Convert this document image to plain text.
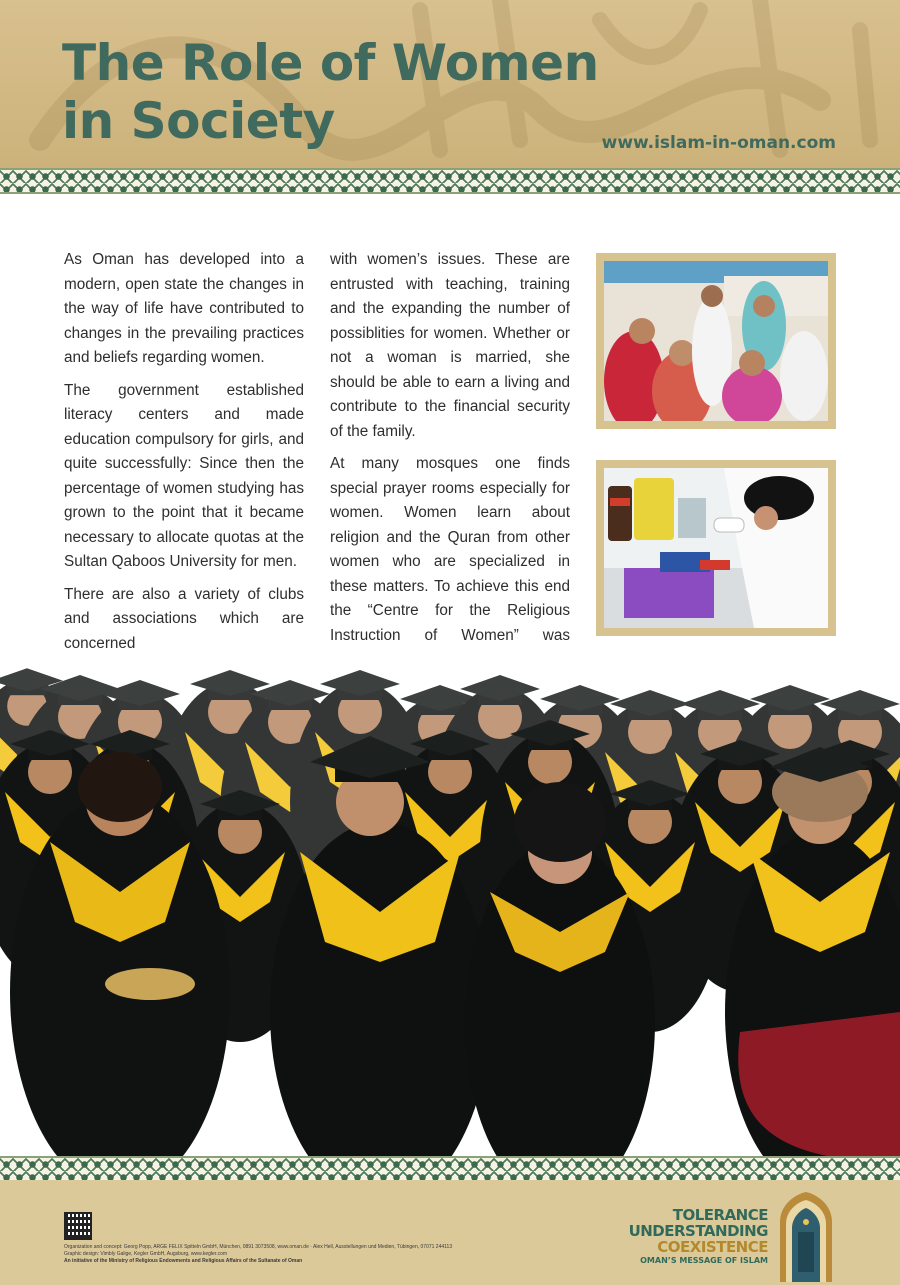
The Role of Women
in Society	www.islam-in-oman.com

As Oman has developed into a modern, open state the changes in the way of life have contributed to changes in the prevailing practices and beliefs regarding women.

The government established literacy centers and made education compulsory for girls, and quite successfully: Since then the percentage of women studying has grown to the point that it became necessary to allocate quotas at the Sultan Qaboos University for men.

There are also a variety of clubs and associations which are concerned

with women’s issues. These are entrusted with teaching, training and the expanding the number of possiblities for women. Whether or not a woman is married, she should be able to earn a living and contribute to the financial security of the family.

At many mosques one finds special prayer rooms especially for women. Women learn about religion and the Quran from other women who are specialized in these matters. To achieve this end the “Centre for the Religious Instruction of Women” was

Organization and concept: Georg Popp, ARGE FELIX Spitteln GmbH, München, 0891 3073508, www.oman.de · Alex Hell, Ausstellungen und Medien, Tübingen, 07071 244113
Graphic design: Vimbly Galige, Kegler GmbH, Augsburg, www.kegler.com
An initiative of the Ministry of Religious Endowments and Religious Affairs of the Sultanate of Oman
TOLERANCE
UNDERSTANDING
COEXISTENCE
OMAN’S MESSAGE OF ISLAM
